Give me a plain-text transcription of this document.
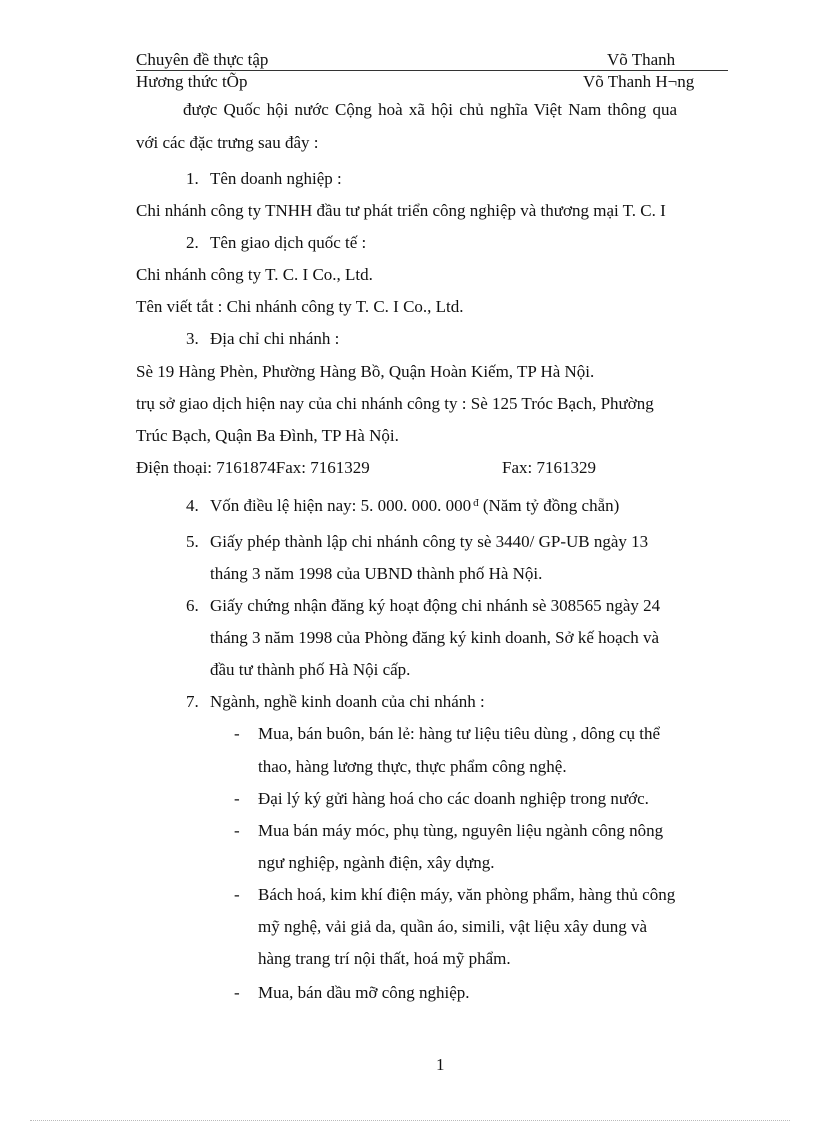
Chuyên đề thực tập	Võ Thanh
Hương thức tÕp	Võ Thanh H¬ng
được Quốc hội nước Cộng hoà xã hội chủ nghĩa Việt Nam thông qua
với các đặc trưng sau đây :
1. Tên doanh nghiệp :
Chi nhánh công ty TNHH đầu tư phát triển công nghiệp và thương mại T. C. I
2. Tên giao dịch quốc tế :
Chi nhánh công ty T. C. I Co., Ltd.
Tên viết tắt : Chi nhánh công ty T. C. I Co., Ltd.
3. Địa chỉ chi nhánh :
Sè 19 Hàng Phèn, Phường Hàng Bồ, Quận Hoàn Kiếm, TP Hà Nội.
trụ sở giao dịch hiện nay của chi nhánh công ty : Sè 125 Tróc Bạch, Phường
Trúc Bạch, Quận Ba Đình, TP Hà Nội.
Điện thoại: 7161874Fax: 7161329	Fax: 7161329
4. Vốn điều lệ hiện nay: 5. 000. 000. 000 $^đ$ (Năm tỷ đồng chẵn)
5. Giấy phép thành lập chi nhánh công ty sè 3440/ GP-UB ngày 13
tháng 3 năm 1998 của UBND thành phố Hà Nội.
6. Giấy chứng nhận đăng ký hoạt động chi nhánh sè 308565 ngày 24
tháng 3 năm 1998 của Phòng đăng ký kinh doanh, Sở kế hoạch và
đầu tư thành phố Hà Nội cấp.
7. Ngành, nghề kinh doanh của chi nhánh :
- Mua, bán buôn, bán lẻ: hàng tư liệu tiêu dùng , dông cụ thể
thao, hàng lương thực, thực phẩm công nghệ.
- Đại lý ký gửi hàng hoá cho các doanh nghiệp trong nước.
- Mua bán máy móc, phụ tùng, nguyên liệu ngành công nông
ngư nghiệp, ngành điện, xây dựng.
- Bách hoá, kim khí điện máy, văn phòng phẩm, hàng thủ công
mỹ nghệ, vải giả da, quần áo, simili, vật liệu xây dung và
hàng trang trí nội thất, hoá mỹ phẩm.
- Mua, bán dầu mỡ công nghiệp.
1
